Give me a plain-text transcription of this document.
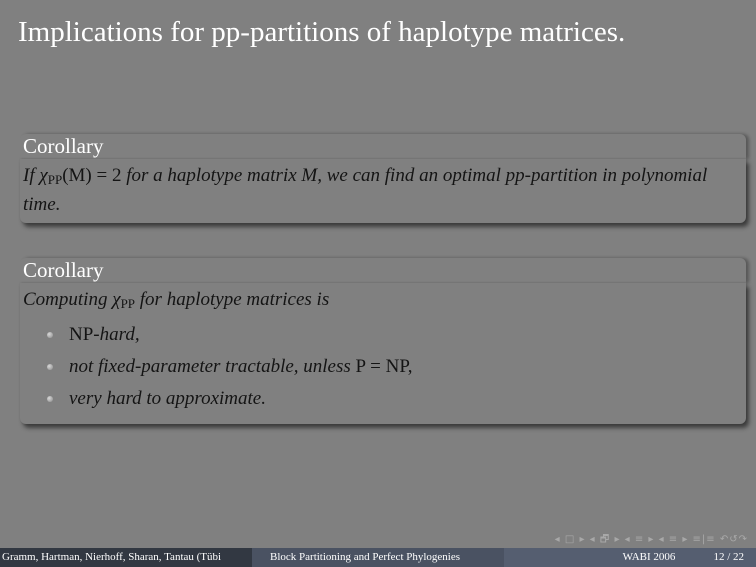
Implications for pp-partitions of haplotype matrices.
Corollary
If $\chi_{PP}(M) = 2$ for a haplotype matrix M, we can find an optimal pp-partition in polynomial time.
Corollary
Computing $\chi_{PP}$ for haplotype matrices is
NP-hard,
not fixed-parameter tractable, unless P = NP,
very hard to approximate.
◂ □ ▸ ◂ 🗗 ▸ ◂ ≡ ▸ ◂ ≡ ▸ ≡|≡ ↶↺↷
Gramm, Hartman, Nierhoff, Sharan, Tantau (Tübi	Block Partitioning and Perfect Phylogenies	WABI 2006	12 / 22
